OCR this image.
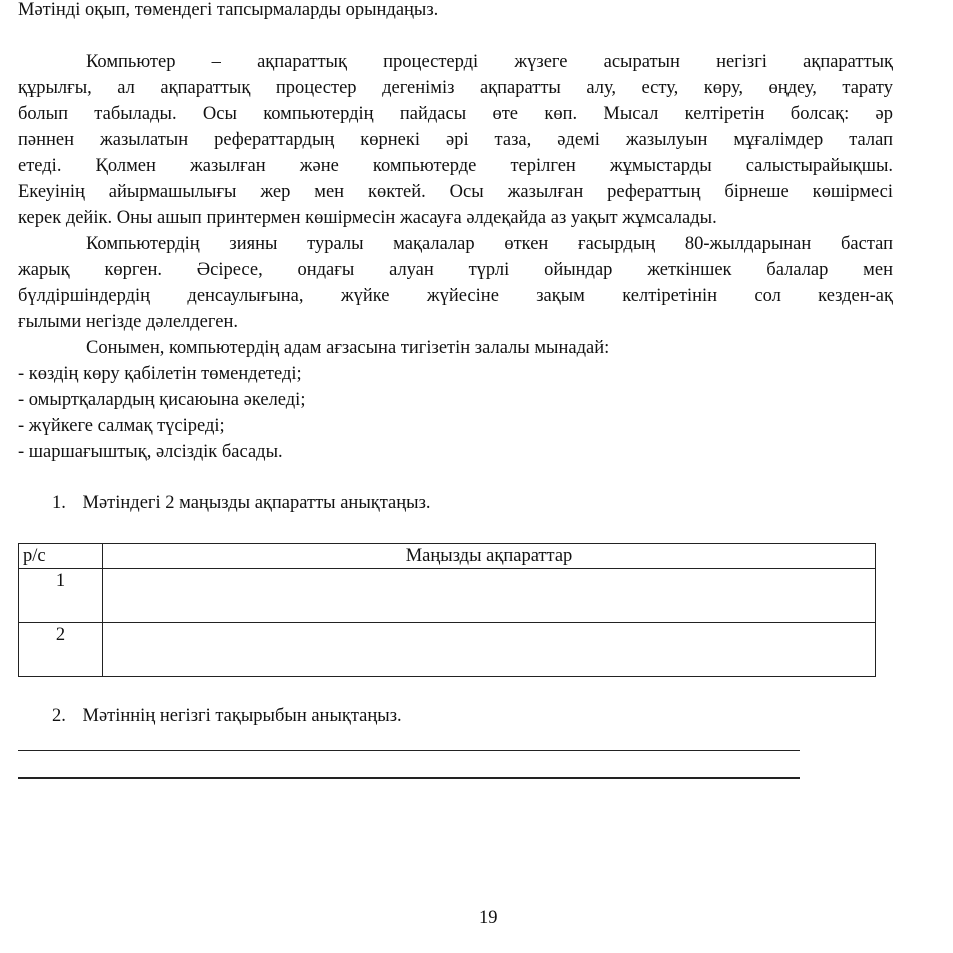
Мәтінді оқып, төмендегі тапсырмаларды орындаңыз.
Компьютер – ақпараттық процестерді жүзеге асыратын негізгі ақпараттық
құрылғы, ал ақпараттық процестер дегеніміз ақпаратты алу, есту, көру, өңдеу, тарату
болып табылады. Осы компьютердің пайдасы өте көп. Мысал келтіретін болсақ: әр
пәннен жазылатын рефераттардың көрнекі әрі таза, әдемі жазылуын мұғалімдер талап
етеді. Қолмен жазылған және компьютерде терілген жұмыстарды салыстырайықшы.
Екеуінің айырмашылығы жер мен көктей. Осы жазылған рефераттың бірнеше көшірмесі
керек дейік. Оны ашып принтермен көшірмесін жасауға әлдеқайда аз уақыт жұмсалады.
Компьютердің зияны туралы мақалалар өткен ғасырдың 80-жылдарынан бастап
жарық көрген. Әсіресе, ондағы алуан түрлі ойындар жеткіншек балалар мен
бүлдіршіндердің денсаулығына, жүйке жүйесіне зақым келтіретінін сол кезден-ақ
ғылыми негізде дәлелдеген.
Сонымен, компьютердің адам ағзасына тигізетін залалы мынадай:
- көздің көру қабілетін төмендетеді;
- омыртқалардың қисаюына әкеледі;
- жүйкеге салмақ түсіреді;
- шаршағыштық, әлсіздік басады.
1. Мәтіндегі 2 маңызды ақпаратты анықтаңыз.
р/с	Маңызды ақпараттар
1	
2	
2. Мәтіннің негізгі тақырыбын анықтаңыз.
19
